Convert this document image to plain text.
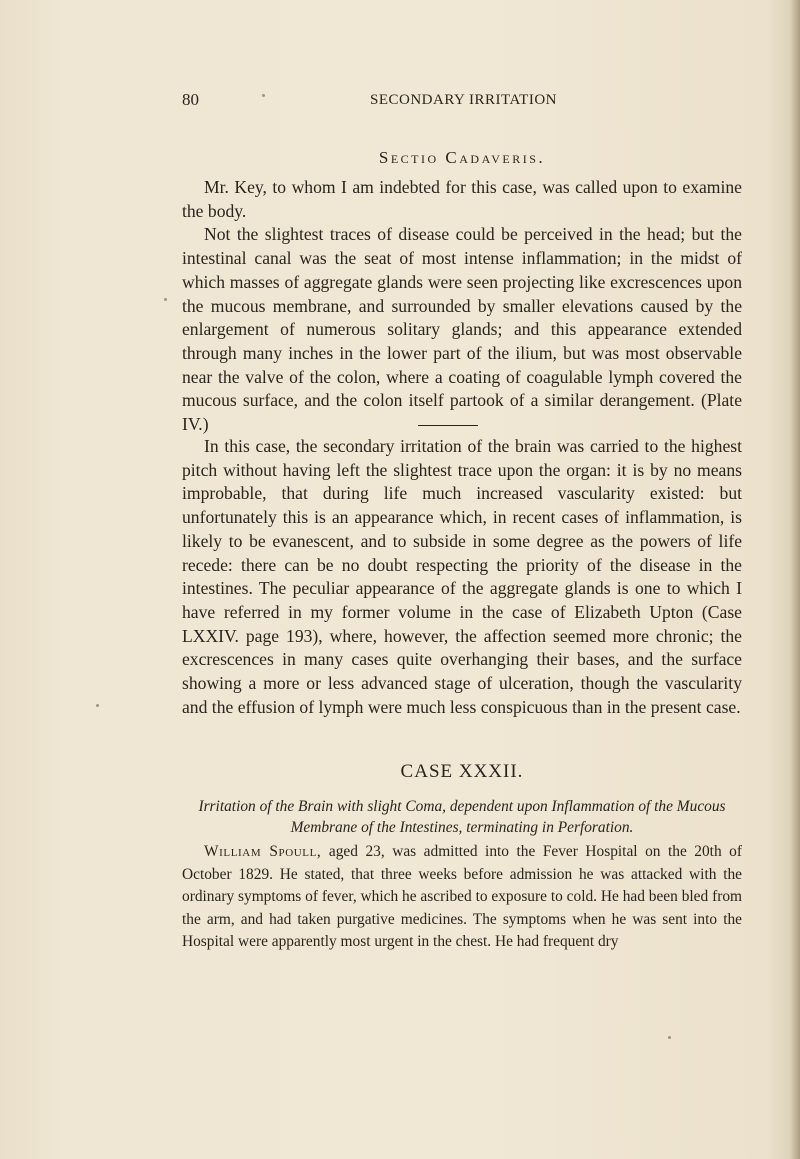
80	SECONDARY IRRITATION
Sectio Cadaveris.

Mr. Key, to whom I am indebted for this case, was called upon to examine the body.

Not the slightest traces of disease could be perceived in the head; but the intestinal canal was the seat of most intense inflammation; in the midst of which masses of aggregate glands were seen projecting like excrescences upon the mucous membrane, and surrounded by smaller elevations caused by the enlargement of numerous solitary glands; and this appearance extended through many inches in the lower part of the ilium, but was most observable near the valve of the colon, where a coating of coagulable lymph covered the mucous surface, and the colon itself partook of a similar derangement. (Plate IV.)

In this case, the secondary irritation of the brain was carried to the highest pitch without having left the slightest trace upon the organ: it is by no means improbable, that during life much increased vascularity existed: but unfortunately this is an appearance which, in recent cases of inflammation, is likely to be evanescent, and to subside in some degree as the powers of life recede: there can be no doubt respecting the priority of the disease in the intestines. The peculiar appearance of the aggregate glands is one to which I have referred in my former volume in the case of Elizabeth Upton (Case LXXIV. page 193), where, however, the affection seemed more chronic; the excrescences in many cases quite overhanging their bases, and the surface showing a more or less advanced stage of ulceration, though the vascularity and the effusion of lymph were much less conspicuous than in the present case.

CASE XXXII.
Irritation of the Brain with slight Coma, dependent upon Inflammation of the Mucous Membrane of the Intestines, terminating in Perforation.

William Spoull, aged 23, was admitted into the Fever Hospital on the 20th of October 1829. He stated, that three weeks before admission he was attacked with the ordinary symptoms of fever, which he ascribed to exposure to cold. He had been bled from the arm, and had taken purgative medicines. The symptoms when he was sent into the Hospital were apparently most urgent in the chest. He had frequent dry
